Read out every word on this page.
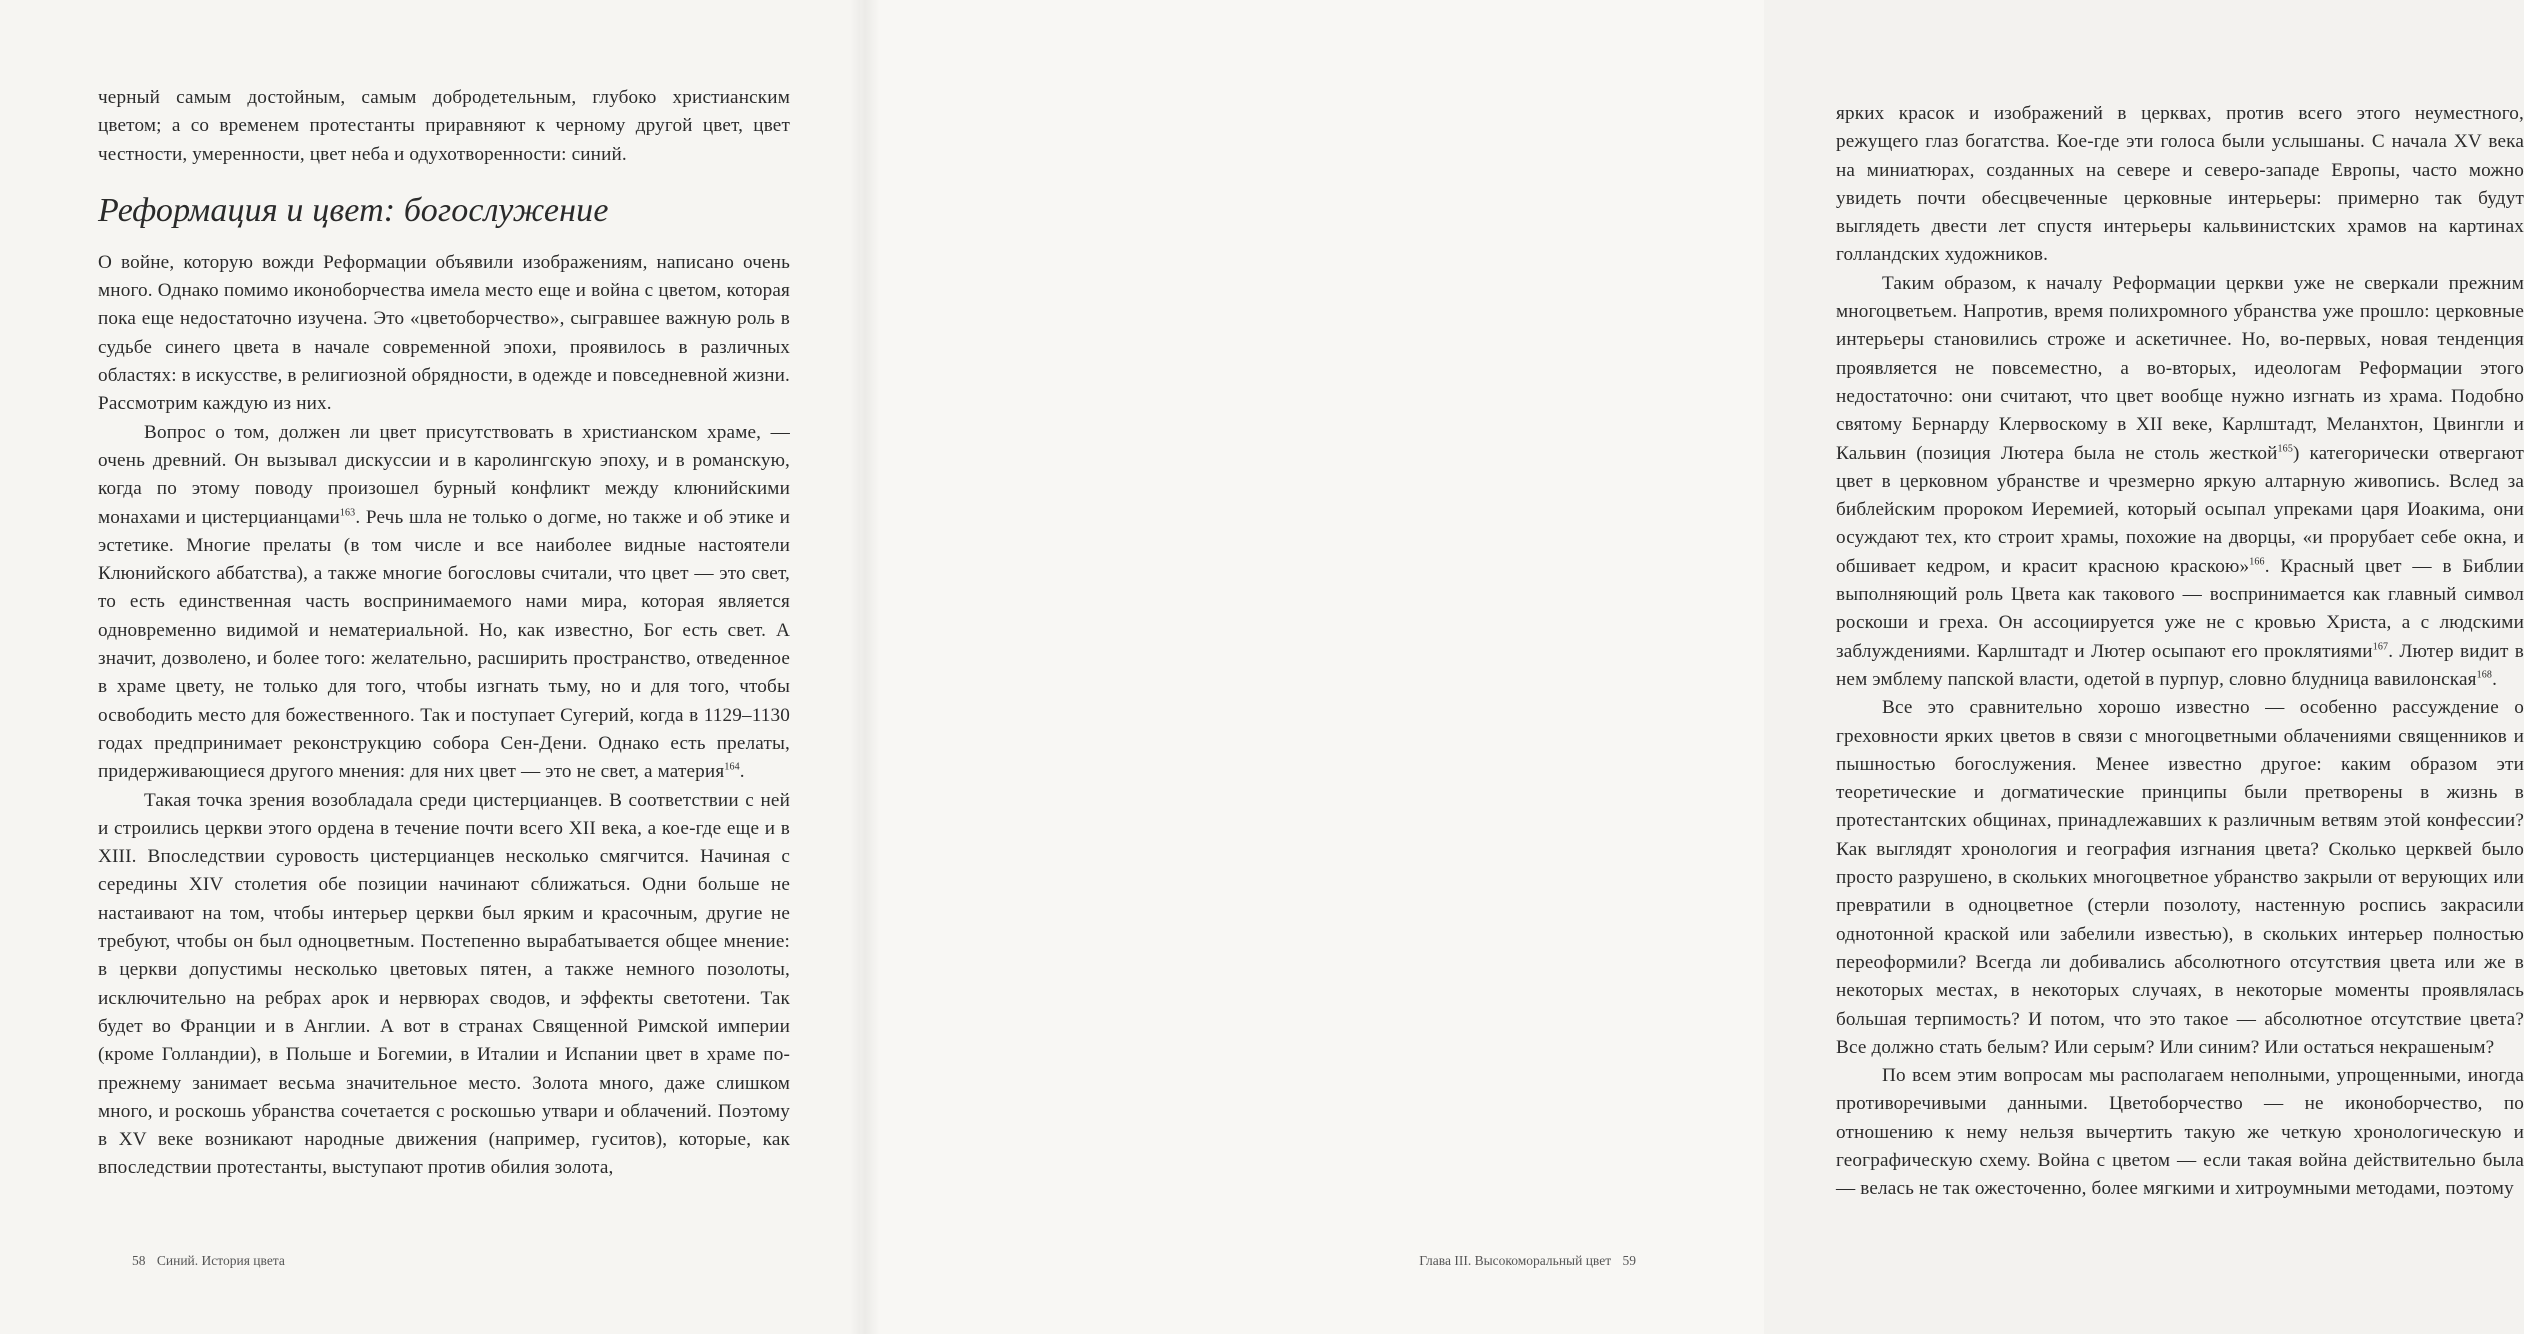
черный самым достойным, самым добродетельным, глубоко христианским цветом; а со временем протестанты приравняют к черному другой цвет, цвет честности, умеренности, цвет неба и одухотворенности: синий.

Реформация и цвет: богослужение

О войне, которую вожди Реформации объявили изображениям, написано очень много. Однако помимо иконоборчества имела место еще и война с цветом, которая пока еще недостаточно изучена. Это «цветоборчество», сыгравшее важную роль в судьбе синего цвета в начале современной эпохи, проявилось в различных областях: в искусстве, в религиозной обрядности, в одежде и повседневной жизни. Рассмотрим каждую из них.

Вопрос о том, должен ли цвет присутствовать в христианском храме, — очень древний. Он вызывал дискуссии и в каролингскую эпоху, и в романскую, когда по этому поводу произошел бурный конфликт между клюнийскими монахами и цистерцианцами$^{163}$. Речь шла не только о догме, но также и об этике и эстетике. Многие прелаты (в том числе и все наиболее видные настоятели Клюнийского аббатства), а также многие богословы считали, что цвет — это свет, то есть единственная часть воспринимаемого нами мира, которая является одновременно видимой и нематериальной. Но, как известно, Бог есть свет. А значит, дозволено, и более того: желательно, расширить пространство, отведенное в храме цвету, не только для того, чтобы изгнать тьму, но и для того, чтобы освободить место для божественного. Так и поступает Сугерий, когда в 1129–1130 годах предпринимает реконструкцию собора Сен-Дени. Однако есть прелаты, придерживающиеся другого мнения: для них цвет — это не свет, а материя$^{164}$.

Такая точка зрения возобладала среди цистерцианцев. В соответствии с ней и строились церкви этого ордена в течение почти всего XII века, а кое-где еще и в XIII. Впоследствии суровость цистерцианцев несколько смягчится. Начиная с середины XIV столетия обе позиции начинают сближаться. Одни больше не настаивают на том, чтобы интерьер церкви был ярким и красочным, другие не требуют, чтобы он был одноцветным. Постепенно вырабатывается общее мнение: в церкви допустимы несколько цветовых пятен, а также немного позолоты, исключительно на ребрах арок и нервюрах сводов, и эффекты светотени. Так будет во Франции и в Англии. А вот в странах Священной Римской империи (кроме Голландии), в Польше и Богемии, в Италии и Испании цвет в храме по-прежнему занимает весьма значительное место. Золота много, даже слишком много, и роскошь убранства сочетается с роскошью утвари и облачений. Поэтому в XV веке возникают народные движения (например, гуситов), которые, как впоследствии протестанты, выступают против обилия золота,

58 Синий. История цвета

ярких красок и изображений в церквах, против всего этого неуместного, режущего глаз богатства. Кое-где эти голоса были услышаны. С начала XV века на миниатюрах, созданных на севере и северо-западе Европы, часто можно увидеть почти обесцвеченные церковные интерьеры: примерно так будут выглядеть двести лет спустя интерьеры кальвинистских храмов на картинах голландских художников.

Таким образом, к началу Реформации церкви уже не сверкали прежним многоцветьем. Напротив, время полихромного убранства уже прошло: церковные интерьеры становились строже и аскетичнее. Но, во-первых, новая тенденция проявляется не повсеместно, а во-вторых, идеологам Реформации этого недостаточно: они считают, что цвет вообще нужно изгнать из храма. Подобно святому Бернарду Клервоскому в XII веке, Карлштадт, Меланхтон, Цвингли и Кальвин (позиция Лютера была не столь жесткой$^{165}$) категорически отвергают цвет в церковном убранстве и чрезмерно яркую алтарную живопись. Вслед за библейским пророком Иеремией, который осыпал упреками царя Иоакима, они осуждают тех, кто строит храмы, похожие на дворцы, «и прорубает себе окна, и обшивает кедром, и красит красною краскою»$^{166}$. Красный цвет — в Библии выполняющий роль Цвета как такового — воспринимается как главный символ роскоши и греха. Он ассоциируется уже не с кровью Христа, а с людскими заблуждениями. Карлштадт и Лютер осыпают его проклятиями$^{167}$. Лютер видит в нем эмблему папской власти, одетой в пурпур, словно блудница вавилонская$^{168}$.

Все это сравнительно хорошо известно — особенно рассуждение о греховности ярких цветов в связи с многоцветными облачениями священников и пышностью богослужения. Менее известно другое: каким образом эти теоретические и догматические принципы были претворены в жизнь в протестантских общинах, принадлежавших к различным ветвям этой конфессии? Как выглядят хронология и география изгнания цвета? Сколько церквей было просто разрушено, в скольких многоцветное убранство закрыли от верующих или превратили в одноцветное (стерли позолоту, настенную роспись закрасили однотонной краской или забелили известью), в скольких интерьер полностью переоформили? Всегда ли добивались абсолютного отсутствия цвета или же в некоторых местах, в некоторых случаях, в некоторые моменты проявлялась большая терпимость? И потом, что это такое — абсолютное отсутствие цвета? Все должно стать белым? Или серым? Или синим? Или остаться некрашеным?

По всем этим вопросам мы располагаем неполными, упрощенными, иногда противоречивыми данными. Цветоборчество — не иконоборчество, по отношению к нему нельзя вычертить такую же четкую хронологическую и географическую схему. Война с цветом — если такая война действительно была — велась не так ожесточенно, более мягкими и хитроумными методами, поэтому

Глава III. Высокоморальный цвет 59
